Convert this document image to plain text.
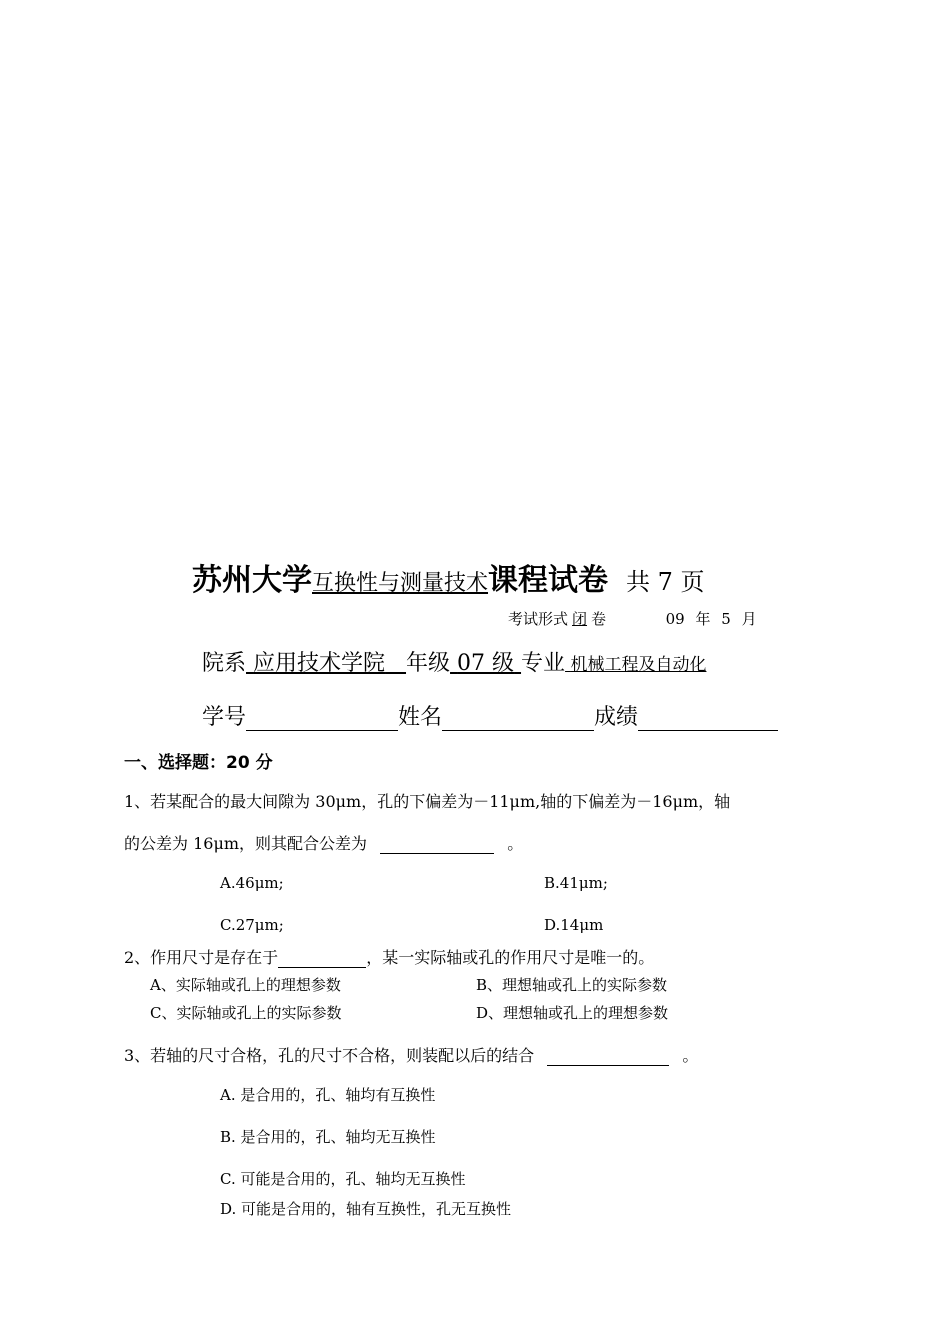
苏州大学互换性与测量技术课程试卷 共 7 页
考试形式 闭 卷	09 年 5 月
院系 应用技术学院 年级 07 级 专业 机械工程及自动化
学号	姓名	成绩
一、选择题：20 分
1、若某配合的最大间隙为 30μm，孔的下偏差为－11μm,轴的下偏差为－16μm，轴
的公差为 16μm，则其配合公差为	。
A.46μm;	B.41μm;
C.27μm;	D.14μm
2、作用尺寸是存在于	，某一实际轴或孔的作用尺寸是唯一的。
A、实际轴或孔上的理想参数	B、理想轴或孔上的实际参数
C、实际轴或孔上的实际参数	D、理想轴或孔上的理想参数
3、若轴的尺寸合格，孔的尺寸不合格，则装配以后的结合	。
A. 是合用的，孔、轴均有互换性
B. 是合用的，孔、轴均无互换性
C. 可能是合用的，孔、轴均无互换性
D. 可能是合用的，轴有互换性，孔无互换性
